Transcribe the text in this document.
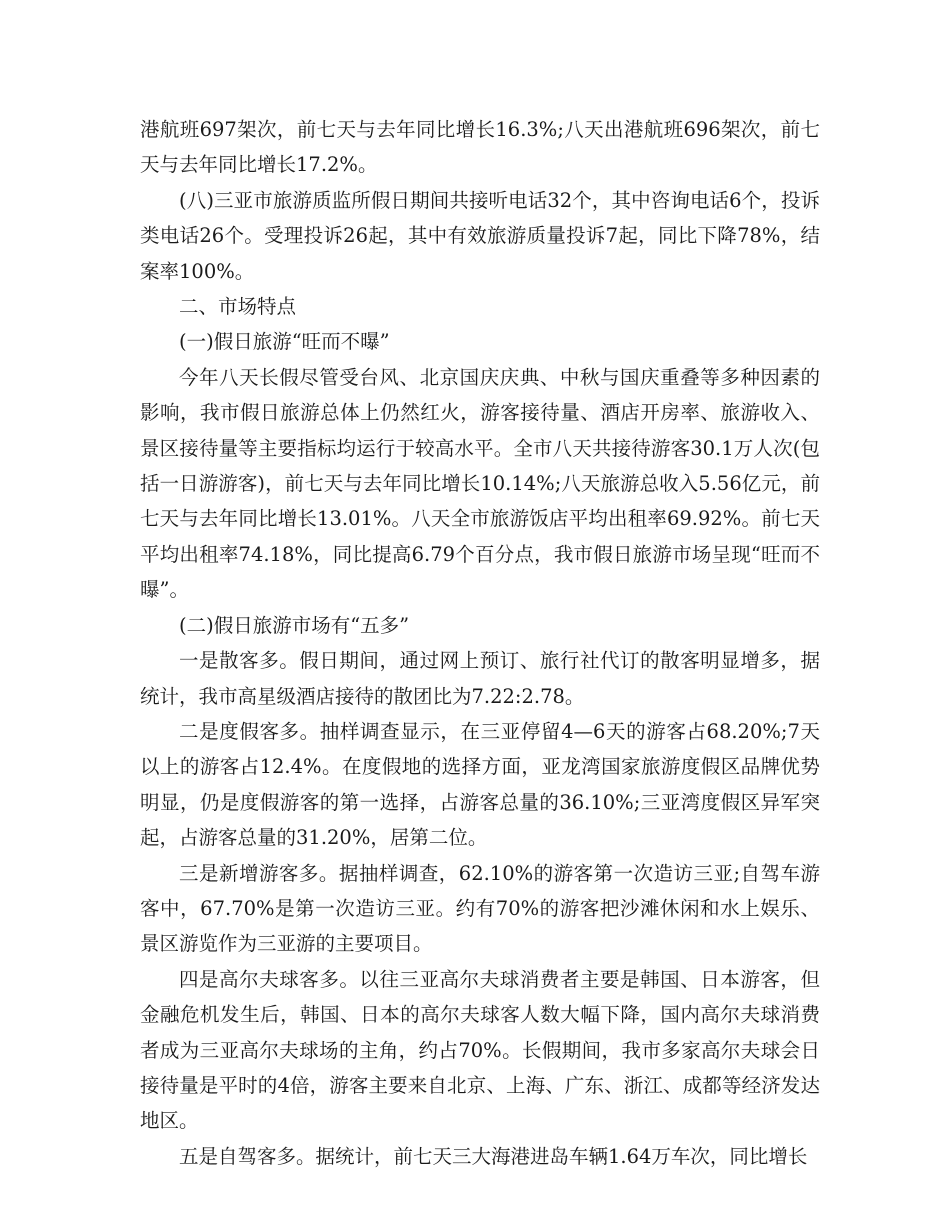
港航班697架次，前七天与去年同比增长16.3%;八天出港航班696架次，前七天与去年同比增长17.2%。

(八)三亚市旅游质监所假日期间共接听电话32个，其中咨询电话6个，投诉类电话26个。受理投诉26起，其中有效旅游质量投诉7起，同比下降78%，结案率100%。

二、市场特点

(一)假日旅游“旺而不曝”

今年八天长假尽管受台风、北京国庆庆典、中秋与国庆重叠等多种因素的影响，我市假日旅游总体上仍然红火，游客接待量、酒店开房率、旅游收入、景区接待量等主要指标均运行于较高水平。全市八天共接待游客30.1万人次(包括一日游游客)，前七天与去年同比增长10.14%;八天旅游总收入5.56亿元，前七天与去年同比增长13.01%。八天全市旅游饭店平均出租率69.92%。前七天平均出租率74.18%，同比提高6.79个百分点，我市假日旅游市场呈现“旺而不曝”。

(二)假日旅游市场有“五多”

一是散客多。假日期间，通过网上预订、旅行社代订的散客明显增多，据统计，我市高星级酒店接待的散团比为7.22:2.78。

二是度假客多。抽样调查显示，在三亚停留4—6天的游客占68.20%;7天以上的游客占12.4%。在度假地的选择方面，亚龙湾国家旅游度假区品牌优势明显，仍是度假游客的第一选择，占游客总量的36.10%;三亚湾度假区异军突起，占游客总量的31.20%，居第二位。

三是新增游客多。据抽样调查，62.10%的游客第一次造访三亚;自驾车游客中，67.70%是第一次造访三亚。约有70%的游客把沙滩休闲和水上娱乐、景区游览作为三亚游的主要项目。

四是高尔夫球客多。以往三亚高尔夫球消费者主要是韩国、日本游客，但金融危机发生后，韩国、日本的高尔夫球客人数大幅下降，国内高尔夫球消费者成为三亚高尔夫球场的主角，约占70%。长假期间，我市多家高尔夫球会日接待量是平时的4倍，游客主要来自北京、上海、广东、浙江、成都等经济发达地区。

五是自驾客多。据统计，前七天三大海港进岛车辆1.64万车次，同比增长
